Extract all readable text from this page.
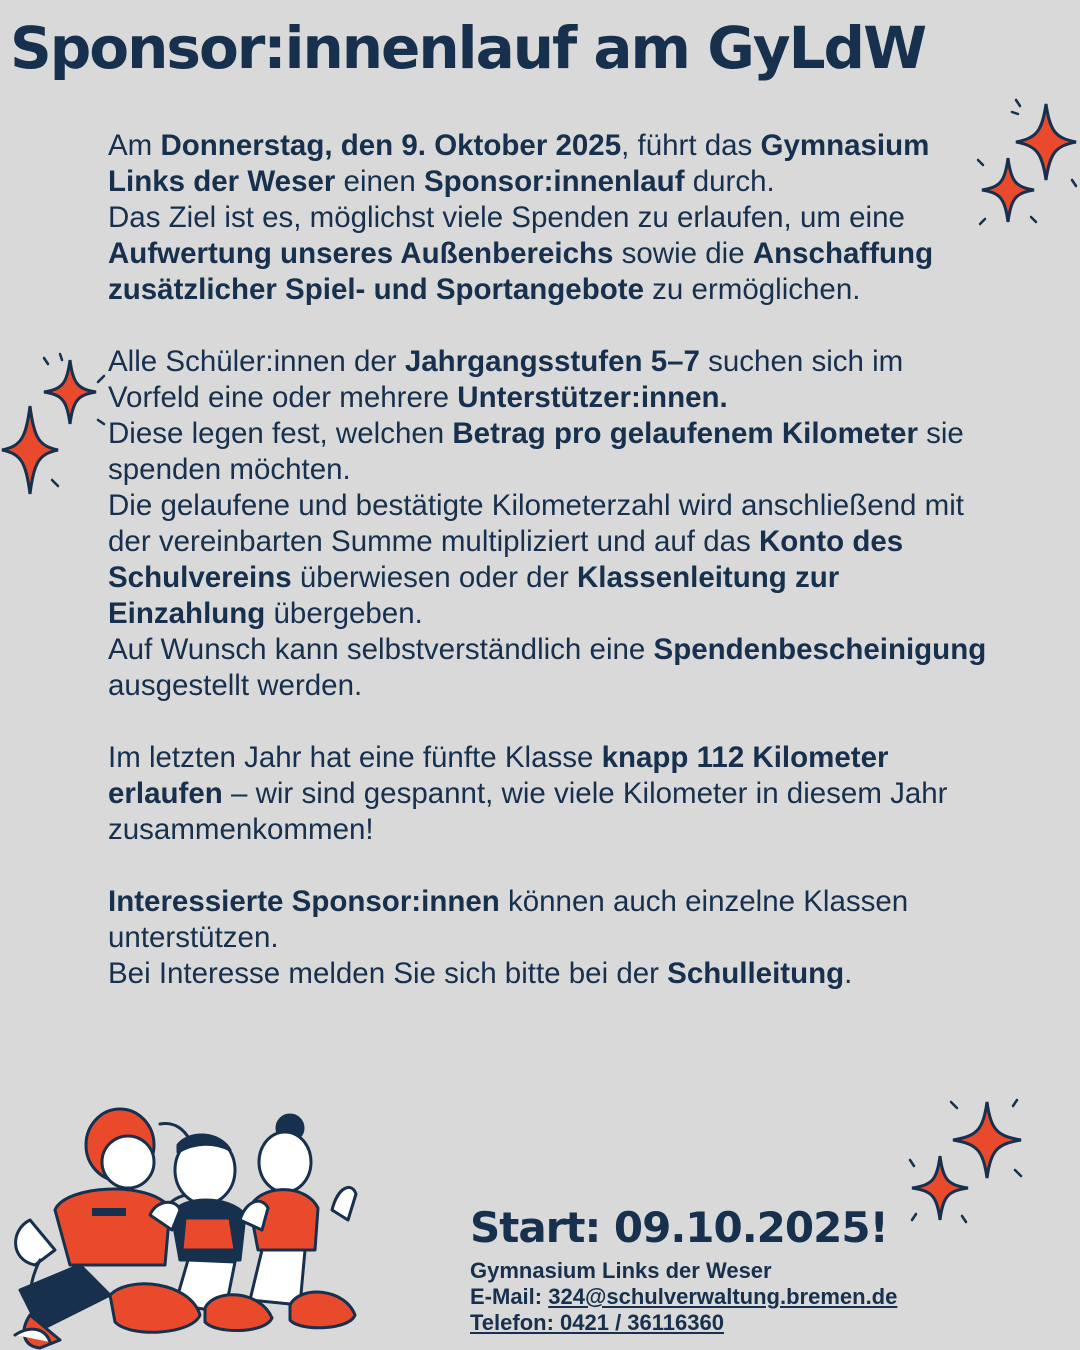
Sponsor:innenlauf am GyLdW

Am Donnerstag, den 9. Oktober 2025, führt das Gymnasium Links der Weser einen Sponsor:innenlauf durch.
Das Ziel ist es, möglichst viele Spenden zu erlaufen, um eine Aufwertung unseres Außenbereichs sowie die Anschaffung zusätzlicher Spiel- und Sportangebote zu ermöglichen.

Alle Schüler:innen der Jahrgangsstufen 5–7 suchen sich im Vorfeld eine oder mehrere Unterstützer:innen.
Diese legen fest, welchen Betrag pro gelaufenem Kilometer sie spenden möchten.
Die gelaufene und bestätigte Kilometerzahl wird anschließend mit der vereinbarten Summe multipliziert und auf das Konto des Schulvereins überwiesen oder der Klassenleitung zur Einzahlung übergeben.
Auf Wunsch kann selbstverständlich eine Spendenbescheinigung ausgestellt werden.

Im letzten Jahr hat eine fünfte Klasse knapp 112 Kilometer erlaufen – wir sind gespannt, wie viele Kilometer in diesem Jahr zusammenkommen!

Interessierte Sponsor:innen können auch einzelne Klassen unterstützen.
Bei Interesse melden Sie sich bitte bei der Schulleitung.

Start: 09.10.2025!
Gymnasium Links der Weser
E-Mail: 324@schulverwaltung.bremen.de
Telefon: 0421 / 36116360
